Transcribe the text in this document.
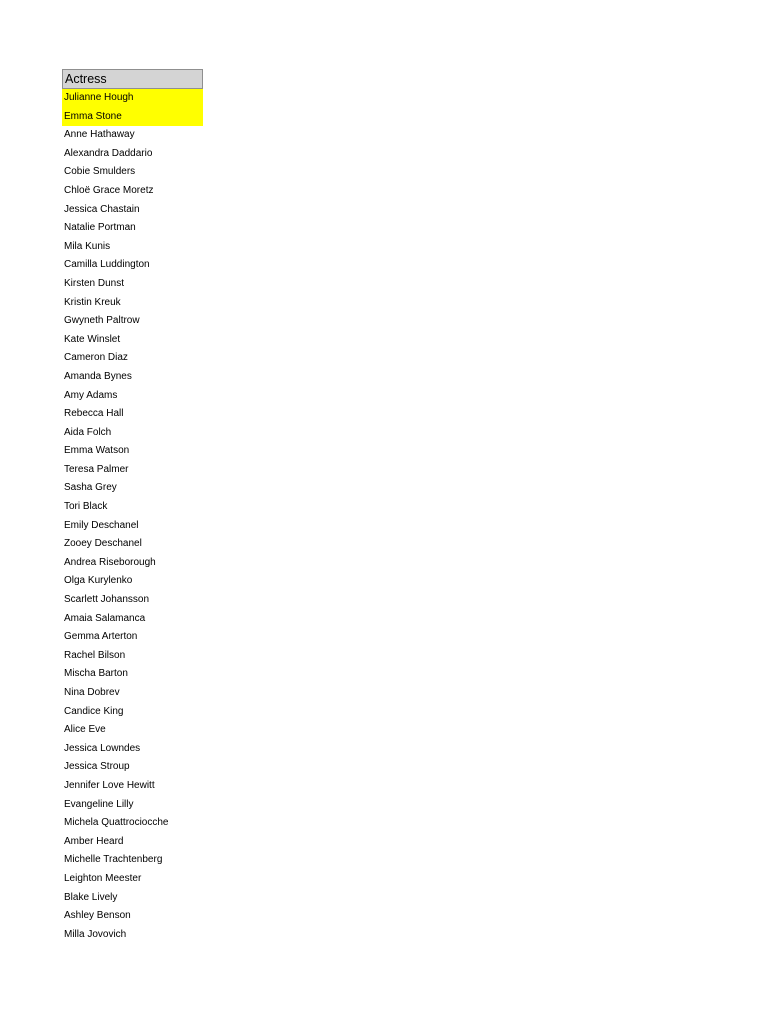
Actress
Julianne Hough
Emma Stone
Anne Hathaway
Alexandra Daddario
Cobie Smulders
Chloë Grace Moretz
Jessica Chastain
Natalie Portman
Mila Kunis
Camilla Luddington
Kirsten Dunst
Kristin Kreuk
Gwyneth Paltrow
Kate Winslet
Cameron Diaz
Amanda Bynes
Amy Adams
Rebecca Hall
Aida Folch
Emma Watson
Teresa Palmer
Sasha Grey
Tori Black
Emily Deschanel
Zooey Deschanel
Andrea Riseborough
Olga Kurylenko
Scarlett Johansson
Amaia Salamanca
Gemma Arterton
Rachel Bilson
Mischa Barton
Nina Dobrev
Candice King
Alice Eve
Jessica Lowndes
Jessica Stroup
Jennifer Love Hewitt
Evangeline Lilly
Michela Quattrociocche
Amber Heard
Michelle Trachtenberg
Leighton Meester
Blake Lively
Ashley Benson
Milla Jovovich
